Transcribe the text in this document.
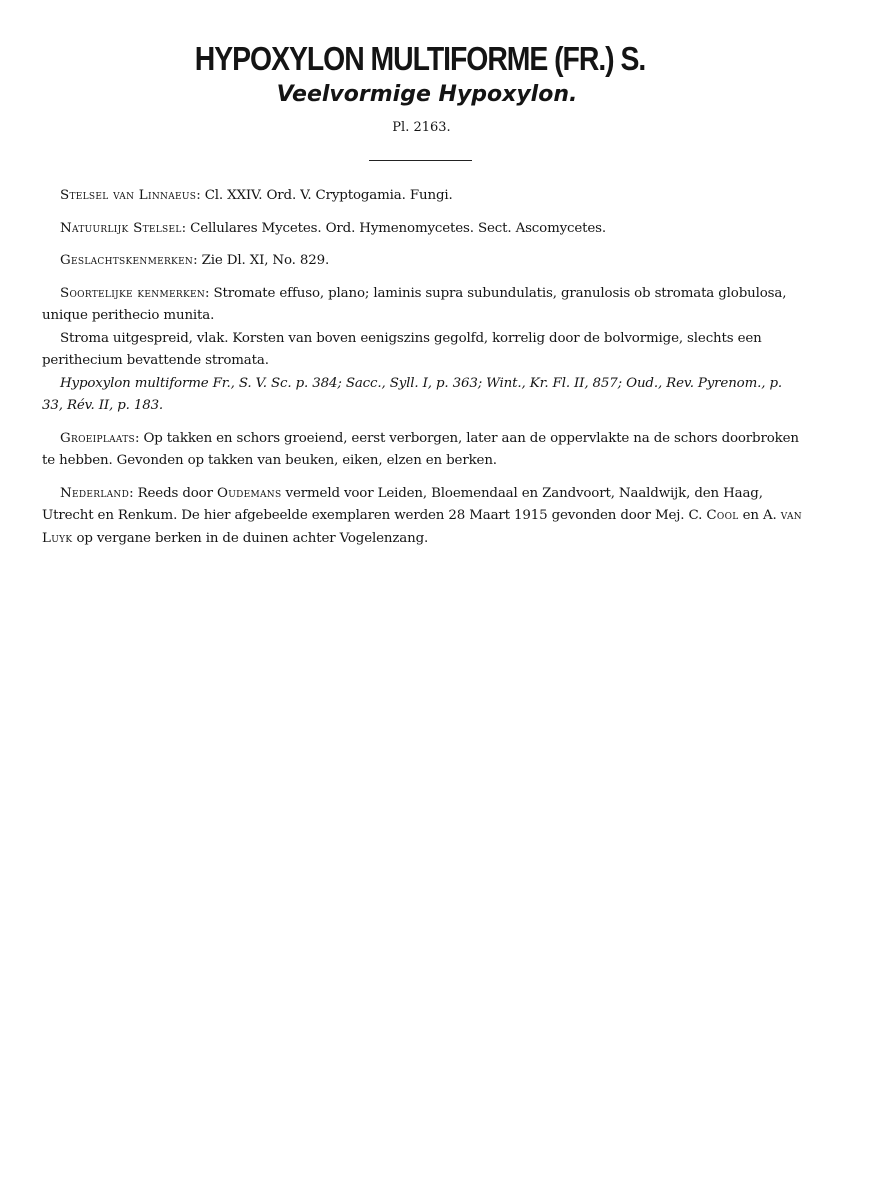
HYPOXYLON MULTIFORME (FR.) S.
Veelvormige Hypoxylon.

Pl. 2163.

Stelsel van Linnaeus: Cl. XXIV. Ord. V. Cryptogamia. Fungi.

Natuurlijk Stelsel: Cellulares Mycetes. Ord. Hymenomycetes. Sect. Ascomycetes.

Geslachtskenmerken: Zie Dl. XI, No. 829.

Soortelijke kenmerken: Stromate effuso, plano; laminis supra subundulatis, granulosis ob stromata globulosa, unique perithecio munita.

Stroma uitgespreid, vlak. Korsten van boven eenigszins gegolfd, korrelig door de bolvormige, slechts een perithecium bevattende stromata.

Hypoxylon multiforme Fr., S. V. Sc. p. 384; Sacc., Syll. I, p. 363; Wint., Kr. Fl. II, 857; Oud., Rev. Pyrenom., p. 33, Rév. II, p. 183.

Groeiplaats: Op takken en schors groeiend, eerst verborgen, later aan de oppervlakte na de schors doorbroken te hebben. Gevonden op takken van beuken, eiken, elzen en berken.

Nederland: Reeds door Oudemans vermeld voor Leiden, Bloemendaal en Zandvoort, Naaldwijk, den Haag, Utrecht en Renkum. De hier afgebeelde exemplaren werden 28 Maart 1915 gevonden door Mej. C. Cool en A. van Luyk op vergane berken in de duinen achter Vogelenzang.
